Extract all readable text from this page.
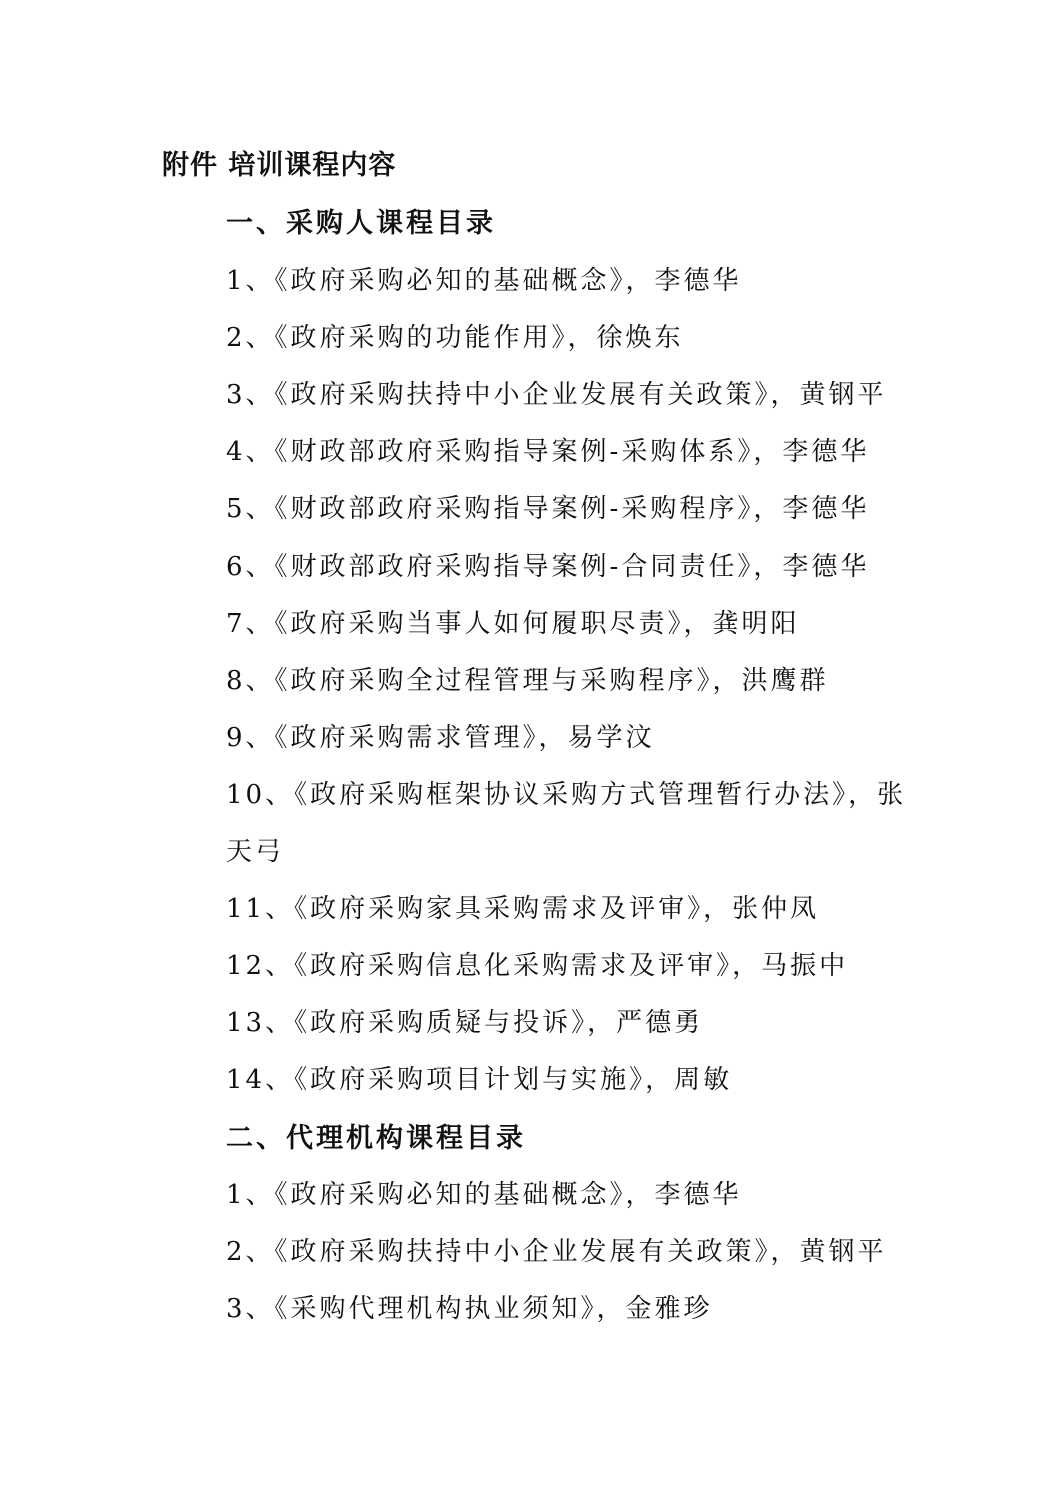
附件 培训课程内容
一、采购人课程目录
1、《政府采购必知的基础概念》，李德华
2、《政府采购的功能作用》，徐焕东
3、《政府采购扶持中小企业发展有关政策》，黄钢平
4、《财政部政府采购指导案例-采购体系》，李德华
5、《财政部政府采购指导案例-采购程序》，李德华
6、《财政部政府采购指导案例-合同责任》，李德华
7、《政府采购当事人如何履职尽责》，龚明阳
8、《政府采购全过程管理与采购程序》，洪鹰群
9、《政府采购需求管理》，易学汶
10、《政府采购框架协议采购方式管理暂行办法》，张
天弓
11、《政府采购家具采购需求及评审》，张仲凤
12、《政府采购信息化采购需求及评审》，马振中
13、《政府采购质疑与投诉》，严德勇
14、《政府采购项目计划与实施》，周敏
二、代理机构课程目录
1、《政府采购必知的基础概念》，李德华
2、《政府采购扶持中小企业发展有关政策》，黄钢平
3、《采购代理机构执业须知》，金雅珍
